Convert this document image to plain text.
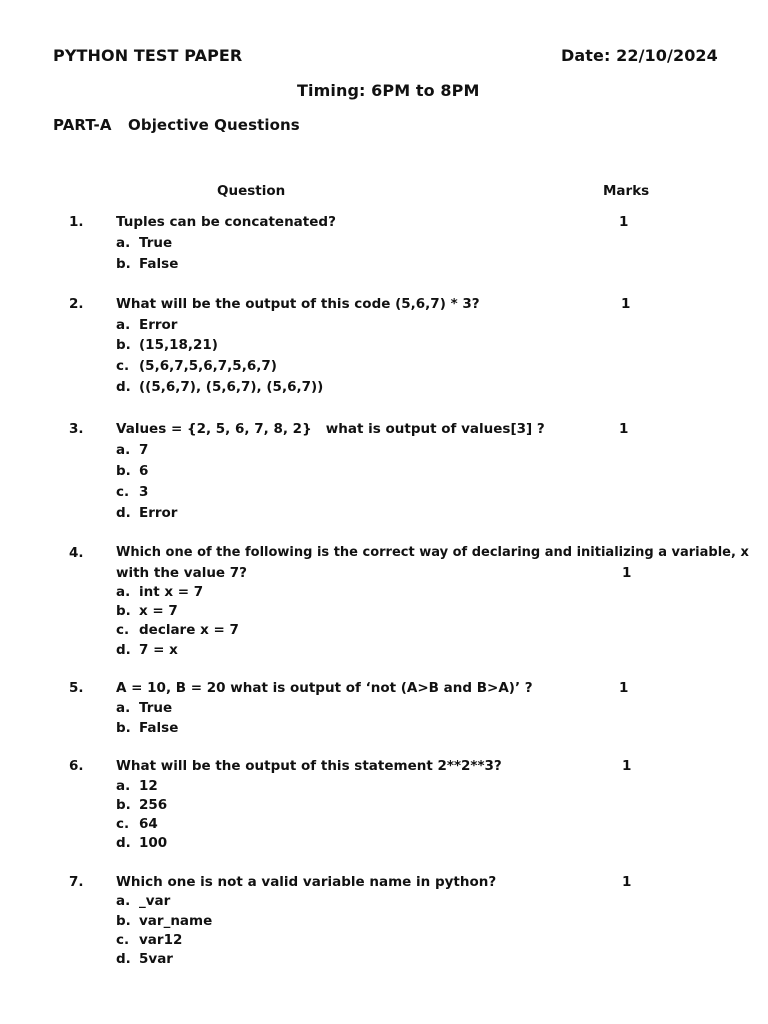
PYTHON TEST PAPER	Date: 22/10/2024
Timing: 6PM to 8PM
PART-A Objective Questions
Question	Marks
1. Tuples can be concatenated?	1
a. True
b. False
2. What will be the output of this code (5,6,7) * 3?	1
a. Error
b. (15,18,21)
c. (5,6,7,5,6,7,5,6,7)
d. ((5,6,7), (5,6,7), (5,6,7))
3. Values = {2, 5, 6, 7, 8, 2}   what is output of values[3] ?	1
a. 7
b. 6
c. 3
d. Error
4. Which one of the following is the correct way of declaring and initializing a variable, x
with the value 7?	1
a. int x = 7
b. x = 7
c. declare x = 7
d. 7 = x
5. A = 10, B = 20 what is output of ‘not (A>B and B>A)’ ?	1
a. True
b. False
6. What will be the output of this statement 2**2**3?	1
a. 12
b. 256
c. 64
d. 100
7. Which one is not a valid variable name in python?	1
a. _var
b. var_name
c. var12
d. 5var
